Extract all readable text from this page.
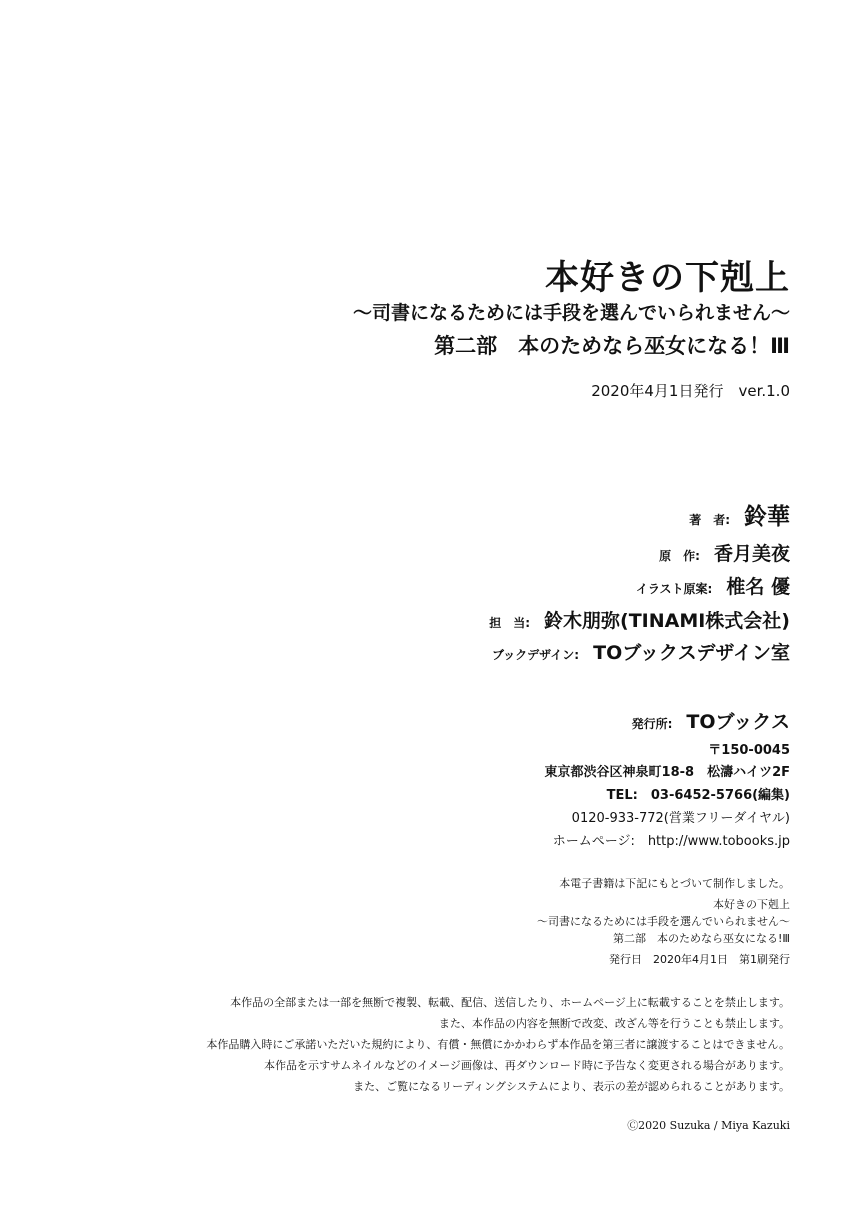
本好きの下剋上
～司書になるためには手段を選んでいられません～
第二部　本のためなら巫女になる！Ⅲ
2020年4月1日発行　ver.1.0
著　者: 鈴華
原　作: 香月美夜
イラスト原案: 椎名 優
担　当: 鈴木朋弥(TINAMI株式会社)
ブックデザイン: TOブックスデザイン室
発行所: TOブックス
〒150-0045
東京都渋谷区神泉町18-8　松濤ハイツ2F
TEL:　03-6452-5766(編集)
0120-933-772(営業フリーダイヤル)
ホームページ:　http://www.tobooks.jp
本電子書籍は下記にもとづいて制作しました。
本好きの下剋上
～司書になるためには手段を選んでいられません～
第二部　本のためなら巫女になる!Ⅲ
発行日　2020年4月1日　第1刷発行
本作品の全部または一部を無断で複製、転載、配信、送信したり、ホームページ上に転載することを禁止します。
また、本作品の内容を無断で改変、改ざん等を行うことも禁止します。
本作品購入時にご承諾いただいた規約により、有償・無償にかかわらず本作品を第三者に譲渡することはできません。
本作品を示すサムネイルなどのイメージ画像は、再ダウンロード時に予告なく変更される場合があります。
また、ご覧になるリーディングシステムにより、表示の差が認められることがあります。
Ⓒ2020 Suzuka / Miya Kazuki
